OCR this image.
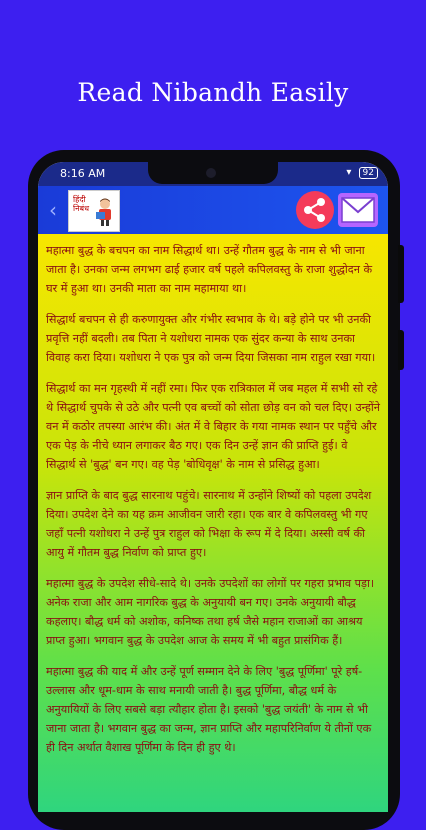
Read Nibandh Easily
8:16 AM	▾ 92
‹	हिंदी निबंध

महात्मा बुद्ध के बचपन का नाम सिद्धार्थ था। उन्हें गौतम बुद्ध के नाम से भी जाना जाता है। उनका जन्म लगभग ढाई हजार वर्ष पहले कपिलवस्तु के राजा शुद्धोदन के घर में हुआ था। उनकी माता का नाम महामाया था।

सिद्धार्थ बचपन से ही करुणायुक्त और गंभीर स्वभाव के थे। बड़े होने पर भी उनकी प्रवृत्ति नहीं बदली। तब पिता ने यशोधरा नामक एक सुंदर कन्या के साथ उनका विवाह करा दिया। यशोधरा ने एक पुत्र को जन्म दिया जिसका नाम राहुल रखा गया।

सिद्धार्थ का मन गृहस्थी में नहीं रमा। फिर एक रात्रिकाल में जब महल में सभी सो रहे थे सिद्धार्थ चुपके से उठे और पत्नी एव बच्चों को सोता छोड़ वन को चल दिए। उन्होंने वन में कठोर तपस्या आरंभ की। अंत में वे बिहार के गया नामक स्थान पर पहुँचे और एक पेड़ के नीचे ध्यान लगाकर बैठ गए। एक दिन उन्हें ज्ञान की प्राप्ति हुई। वे सिद्धार्थ से 'बुद्ध' बन गए। वह पेड़ 'बोधिवृक्ष' के नाम से प्रसिद्ध हुआ।

ज्ञान प्राप्ति के बाद बुद्ध सारनाथ पहुंचे। सारनाथ में उन्होंने शिष्यों को पहला उपदेश दिया। उपदेश देने का यह क्रम आजीवन जारी रहा। एक बार वे कपिलवस्तु भी गए जहाँ पत्नी यशोधरा ने उन्हें पुत्र राहुल को भिक्षा के रूप में दे दिया। अस्सी वर्ष की आयु में गौतम बुद्ध निर्वाण को प्राप्त हुए।

महात्मा बुद्ध के उपदेश सीधे-सादे थे। उनके उपदेशों का लोगों पर गहरा प्रभाव पड़ा। अनेक राजा और आम नागरिक बुद्ध के अनुयायी बन गए। उनके अनुयायी बौद्ध कहलाए। बौद्ध धर्म को अशोक, कनिष्क तथा हर्ष जैसे महान राजाओं का आश्रय प्राप्त हुआ। भगवान बुद्ध के उपदेश आज के समय में भी बहुत प्रासंगिक हैं।

महात्मा बुद्ध की याद में और उन्हें पूर्ण सम्मान देने के लिए 'बुद्ध पूर्णिमा' पूरे हर्ष-उल्लास और धूम-धाम के साथ मनायी जाती है। बुद्ध पूर्णिमा, बौद्ध धर्म के अनुयायियों के लिए सबसे बड़ा त्यौहार होता है। इसको 'बुद्ध जयंती' के नाम से भी जाना जाता है। भगवान बुद्ध का जन्म, ज्ञान प्राप्ति और महापरिनिर्वाण ये तीनों एक ही दिन अर्थात वैशाख पूर्णिमा के दिन ही हुए थे।
